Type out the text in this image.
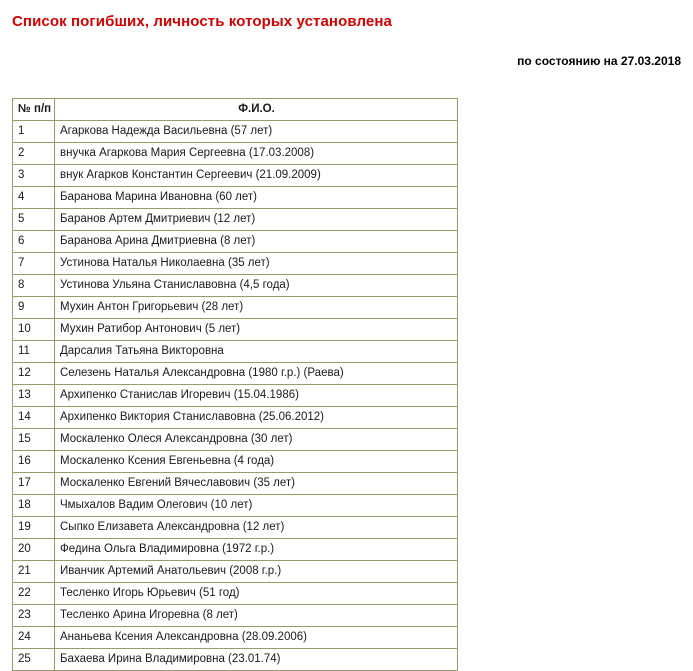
Список погибших, личность которых установлена
по состоянию на 27.03.2018
№ п/п	Ф.И.О.
1	Агаркова Надежда Васильевна (57 лет)
2	внучка Агаркова Мария Сергеевна (17.03.2008)
3	внук Агарков Константин Сергеевич (21.09.2009)
4	Баранова Марина Ивановна (60 лет)
5	Баранов Артем Дмитриевич (12 лет)
6	Баранова Арина Дмитриевна (8 лет)
7	Устинова Наталья Николаевна (35 лет)
8	Устинова Ульяна Станиславовна (4,5 года)
9	Мухин Антон Григорьевич (28 лет)
10	Мухин Ратибор Антонович (5 лет)
11	Дарсалия Татьяна Викторовна
12	Селезень Наталья Александровна (1980 г.р.) (Раева)
13	Архипенко Станислав Игоревич (15.04.1986)
14	Архипенко Виктория Станиславовна (25.06.2012)
15	Москаленко Олеся Александровна (30 лет)
16	Москаленко Ксения Евгеньевна (4 года)
17	Москаленко Евгений Вячеславович (35 лет)
18	Чмыхалов Вадим Олегович (10 лет)
19	Сыпко Елизавета Александровна (12 лет)
20	Федина Ольга Владимировна (1972 г.р.)
21	Иванчик Артемий Анатольевич (2008 г.р.)
22	Тесленко Игорь Юрьевич (51 год)
23	Тесленко Арина Игоревна (8 лет)
24	Ананьева Ксения Александровна (28.09.2006)
25	Бахаева Ирина Владимировна (23.01.74)
